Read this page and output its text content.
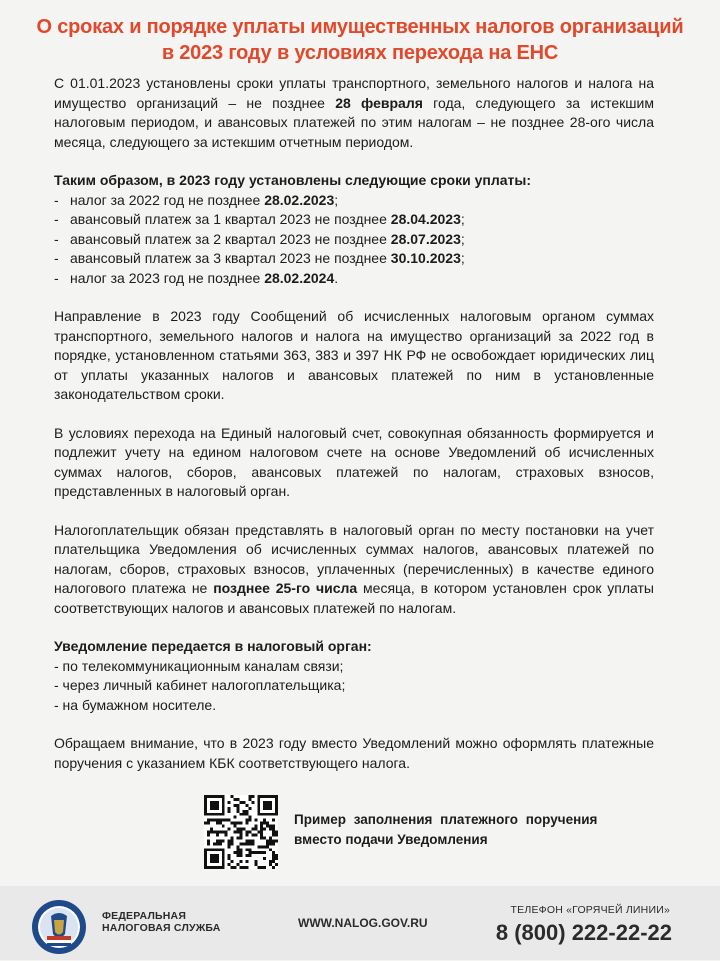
О сроках и порядке уплаты имущественных налогов организаций
в 2023 году в условиях перехода на ЕНС

С 01.01.2023 установлены сроки уплаты транспортного, земельного налогов и налога на имущество организаций – не позднее 28 февраля года, следующего за истекшим налоговым периодом, и авансовых платежей по этим налогам – не позднее 28-ого числа месяца, следующего за истекшим отчетным периодом.

Таким образом, в 2023 году установлены следующие сроки уплаты:

- налог за 2022 год не позднее 28.02.2023;
- авансовый платеж за 1 квартал 2023 не позднее 28.04.2023;
- авансовый платеж за 2 квартал 2023 не позднее 28.07.2023;
- авансовый платеж за 3 квартал 2023 не позднее 30.10.2023;
- налог за 2023 год не позднее 28.02.2024.

Направление в 2023 году Сообщений об исчисленных налоговым органом суммах транспортного, земельного налогов и налога на имущество организаций за 2022 год в порядке, установленном статьями 363, 383 и 397 НК РФ не освобождает юридических лиц от уплаты указанных налогов и авансовых платежей по ним в установленные законодательством сроки.

В условиях перехода на Единый налоговый счет, совокупная обязанность формируется и подлежит учету на едином налоговом счете на основе Уведомлений об исчисленных суммах налогов, сборов, авансовых платежей по налогам, страховых взносов, представленных в налоговый орган.

Налогоплательщик обязан представлять в налоговый орган по месту постановки на учет плательщика Уведомления об исчисленных суммах налогов, авансовых платежей по налогам, сборов, страховых взносов, уплаченных (перечисленных) в качестве единого налогового платежа не позднее 25-го числа месяца, в котором установлен срок уплаты соответствующих налогов и авансовых платежей по налогам.

Уведомление передается в налоговый орган:

- по телекоммуникационным каналам связи;
- через личный кабинет налогоплательщика;
- на бумажном носителе.

Обращаем внимание, что в 2023 году вместо Уведомлений можно оформлять платежные поручения с указанием КБК соответствующего налога.

Пример заполнения платежного поручения
вместо подачи Уведомления
ФЕДЕРАЛЬНАЯ
НАЛОГОВАЯ СЛУЖБА	WWW.NALOG.GOV.RU
ТЕЛЕФОН «ГОРЯЧЕЙ ЛИНИИ»
8 (800) 222-22-22
